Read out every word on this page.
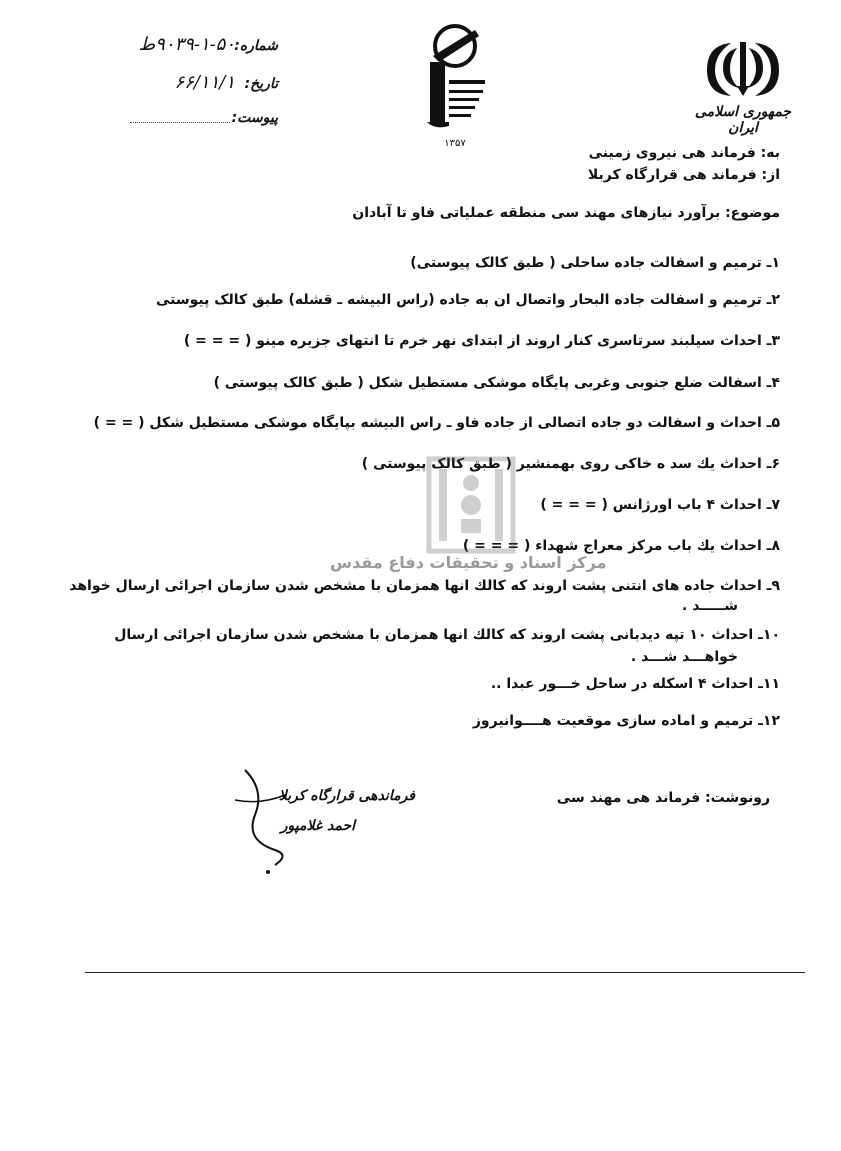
جمهوری اسلامی ایران
۱۳۵۷
شماره:
۹۰۳۹-۱-۵۰ط
تاریخ:
۶۶/۱۱/۱
پیوست:
به: فرماند هی نیروی زمینی
از: فرماند هی قرارگاه کربلا
موضوع: برآورد نیازهای مهند سی منطقه عملیاتی فاو تا آبادان
۱ـ ترمیم و اسفالت جاده ساحلی ( طبق کالک پیوستی)
۲ـ ترمیم و اسفالت جاده البحار واتصال ان به جاده (راس البیشه ـ قشله) طبق کالک پیوستی
۳ـ احداث سیلبند سرتاسری کنار اروند از ابتدای نهر خرم تا انتهای جزیره مینو ( = = = )
۴ـ اسفالت ضلع جنوبی وغربی پایگاه موشکی مستطیل شکل ( طبق کالک پیوستی )
۵ـ احداث و اسفالت دو جاده اتصالی از جاده فاو ـ راس البیشه بپایگاه موشکی مستطیل شکل ( = = )
۶ـ احداث یك سد ه خاکی روی بهمنشیر ( طبق کالک پیوستی )
۷ـ احداث ۴ باب اورژانس ( = = = )
۸ـ احداث یك باب مرکز معراج شهداء ( = = = )
۹ـ احداث جاده های انتنی پشت اروند که کالك انها همزمان با مشخص شدن سازمان اجرائی ارسال خواهد
شـــــد .
۱۰ـ احداث ۱۰ تپه دیدبانی پشت اروند که کالك انها همزمان با مشخص شدن سازمان اجرائی ارسال
خواهـــد شـــد .
۱۱ـ احداث ۴ اسکله در ساحل خـــور عبدا ..
۱۲ـ ترمیم و اماده سازی موقعیت هــــوانیروز
مرکز اسناد و تحقیقات دفاع مقدس
رونوشت: فرماند هی مهند سی
فرماندهی قرارگاه کربلا
احمد غلامپور
